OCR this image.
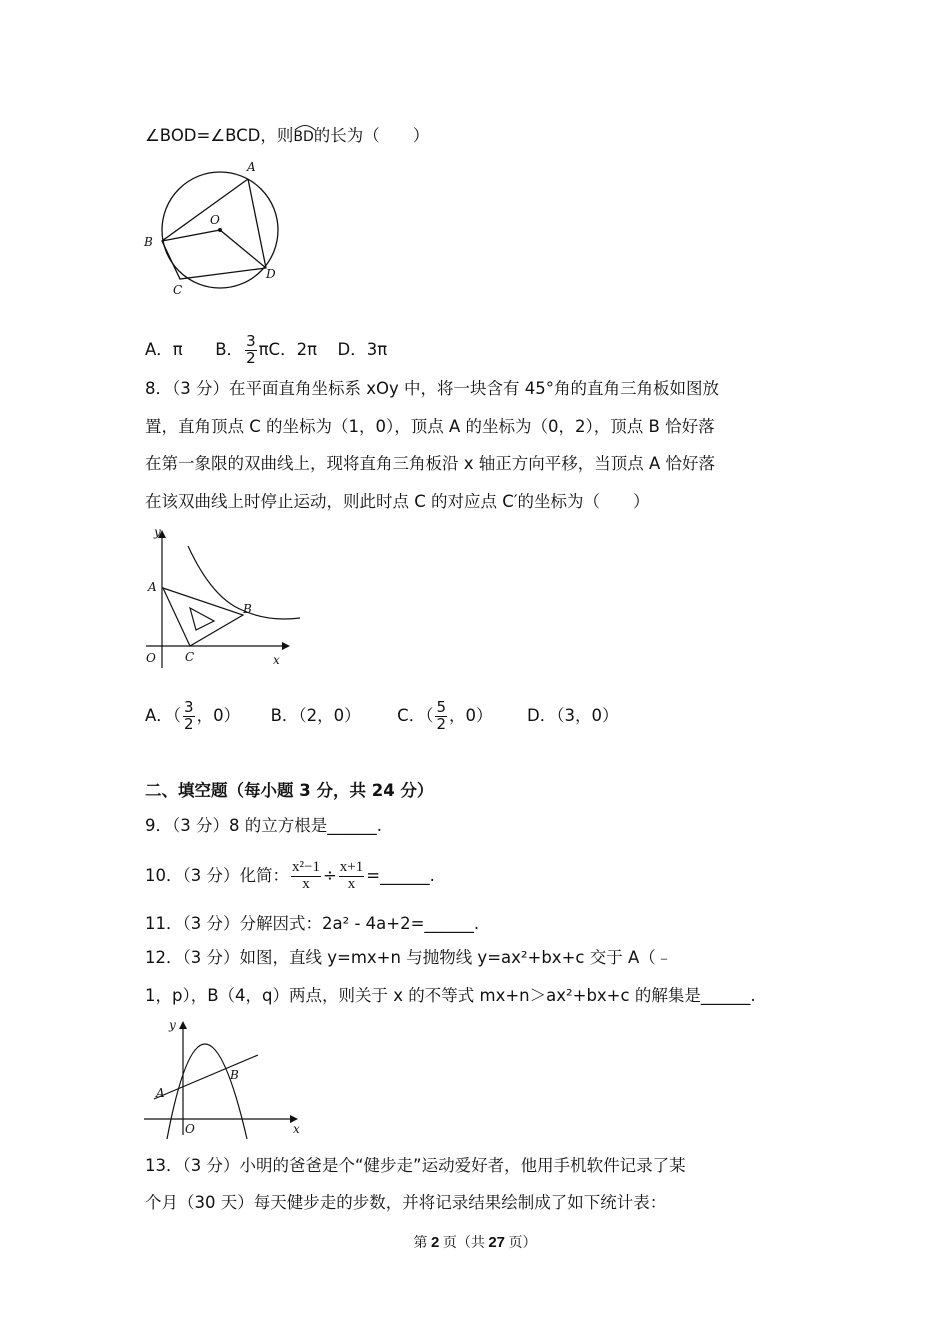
∠BOD=∠BCD，则
BD的长为（　　）
A
O
B
C
D
A．π B． $\frac{3}{2}$ πC．2π D．3π
8．（3 分）在平面直角坐标系 xOy 中，将一块含有 45°角的直角三角板如图放
置，直角顶点 C 的坐标为（1，0），顶点 A 的坐标为（0，2），顶点 B 恰好落
在第一象限的双曲线上，现将直角三角板沿 x 轴正方向平移，当顶点 A 恰好落
在该双曲线上时停止运动，则此时点 C 的对应点 C′的坐标为（　　）
y
A
B
O C	x
A．（ $\frac{3}{2}$ ，0） B．（2，0） C．（ $\frac{5}{2}$ ，0） D．（3，0）
二、填空题（每小题 3 分，共 24 分）
9．（3 分）8 的立方根是______.
10．（3 分）化简： $\frac{\text{x²−1}}{x} \div \frac{x+1}{x}$ =______.
11．（3 分）分解因式：2a² - 4a+2=______.
12．（3 分）如图，直线 y=mx+n 与抛物线 y=ax²+bx+c 交于 A（﹣
1，p），B（4，q）两点，则关于 x 的不等式 mx+n＞ax²+bx+c 的解集是______.
y
A
B
O	x
13．（3 分）小明的爸爸是个“健步走”运动爱好者，他用手机软件记录了某
个月（30 天）每天健步走的步数，并将记录结果绘制成了如下统计表：
第 2 页（共 27 页）
